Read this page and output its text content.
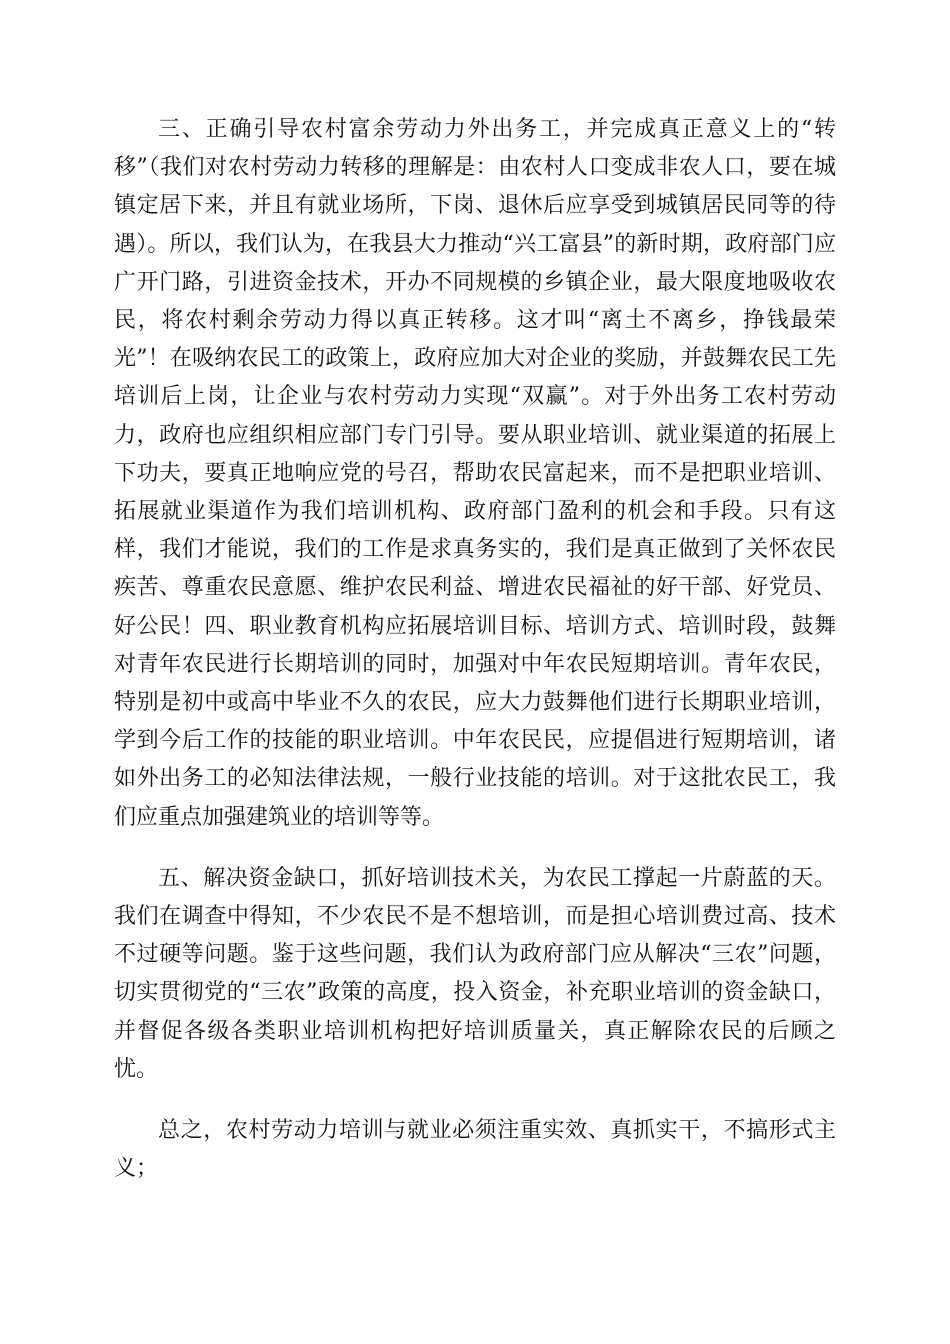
三、正确引导农村富余劳动力外出务工，并完成真正意义上的“转移”（我们对农村劳动力转移的理解是：由农村人口变成非农人口，要在城镇定居下来，并且有就业场所，下岗、退休后应享受到城镇居民同等的待遇）。所以，我们认为，在我县大力推动“兴工富县”的新时期，政府部门应广开门路，引进资金技术，开办不同规模的乡镇企业，最大限度地吸收农民，将农村剩余劳动力得以真正转移。这才叫“离土不离乡，挣钱最荣光”！在吸纳农民工的政策上，政府应加大对企业的奖励，并鼓舞农民工先培训后上岗，让企业与农村劳动力实现“双赢”。对于外出务工农村劳动力，政府也应组织相应部门专门引导。要从职业培训、就业渠道的拓展上下功夫，要真正地响应党的号召，帮助农民富起来，而不是把职业培训、拓展就业渠道作为我们培训机构、政府部门盈利的机会和手段。只有这样，我们才能说，我们的工作是求真务实的，我们是真正做到了关怀农民疾苦、尊重农民意愿、维护农民利益、增进农民福祉的好干部、好党员、好公民！四、职业教育机构应拓展培训目标、培训方式、培训时段，鼓舞对青年农民进行长期培训的同时，加强对中年农民短期培训。青年农民，特别是初中或高中毕业不久的农民，应大力鼓舞他们进行长期职业培训，学到今后工作的技能的职业培训。中年农民民，应提倡进行短期培训，诸如外出务工的必知法律法规，一般行业技能的培训。对于这批农民工，我们应重点加强建筑业的培训等等。

五、解决资金缺口，抓好培训技术关，为农民工撑起一片蔚蓝的天。我们在调查中得知，不少农民不是不想培训，而是担心培训费过高、技术不过硬等问题。鉴于这些问题，我们认为政府部门应从解决“三农”问题，切实贯彻党的“三农”政策的高度，投入资金，补充职业培训的资金缺口，并督促各级各类职业培训机构把好培训质量关，真正解除农民的后顾之忧。

总之，农村劳动力培训与就业必须注重实效、真抓实干，不搞形式主义；
